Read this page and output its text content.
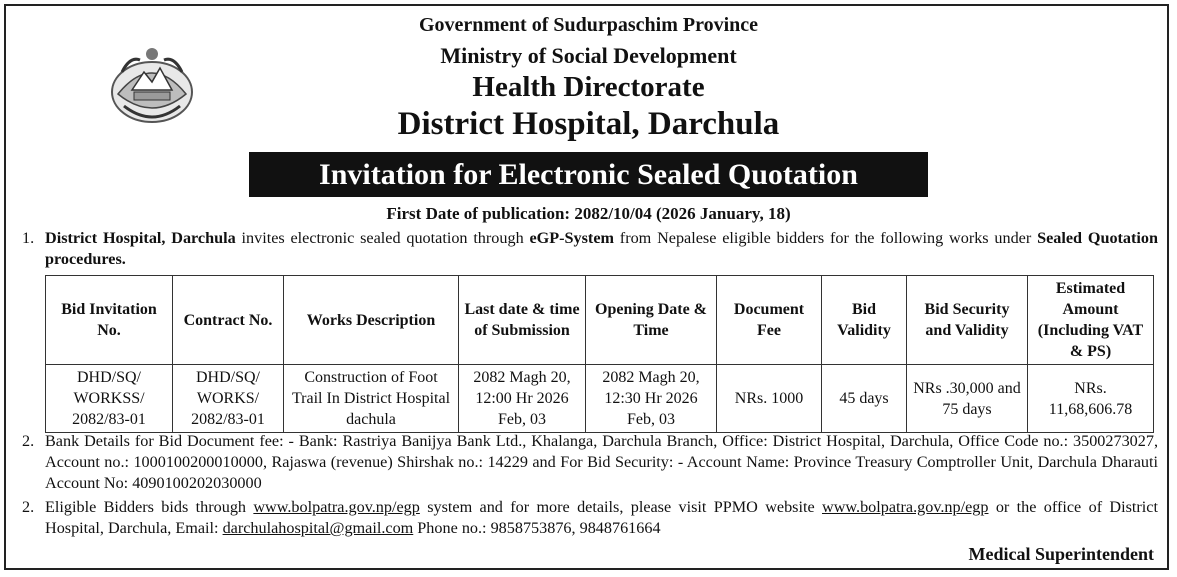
Government of Sudurpaschim Province
Ministry of Social Development
Health Directorate
District Hospital, Darchula
Invitation for Electronic Sealed Quotation
First Date of publication: 2082/10/04 (2026 January, 18)
1. District Hospital, Darchula invites electronic sealed quotation through eGP-System from Nepalese eligible bidders for the following works under Sealed Quotation procedures.
Bid Invitation No.	Contract No.	Works Description	Last date & time of Submission	Opening Date & Time	Document Fee	Bid Validity	Bid Security and Validity	Estimated Amount (Including VAT & PS)
DHD/SQ/ WORKSS/ 2082/83-01	DHD/SQ/ WORKS/ 2082/83-01	Construction of Foot Trail In District Hospital dachula	2082 Magh 20, 12:00 Hr 2026 Feb, 03	2082 Magh 20, 12:30 Hr 2026 Feb, 03	NRs. 1000	45 days	NRs .30,000 and 75 days	NRs. 11,68,606.78
2. Bank Details for Bid Document fee: - Bank: Rastriya Banijya Bank Ltd., Khalanga, Darchula Branch, Office: District Hospital, Darchula, Office Code no.: 3500273027, Account no.: 1000100200010000, Rajaswa (revenue) Shirshak no.: 14229 and For Bid Security: - Account Name: Province Treasury Comptroller Unit, Darchula Dharauti Account No: 4090100202030000
2. Eligible Bidders bids through www.bolpatra.gov.np/egp system and for more details, please visit PPMO website www.bolpatra.gov.np/egp or the office of District Hospital, Darchula, Email: darchulahospital@gmail.com Phone no.: 9858753876, 9848761664
Medical Superintendent
